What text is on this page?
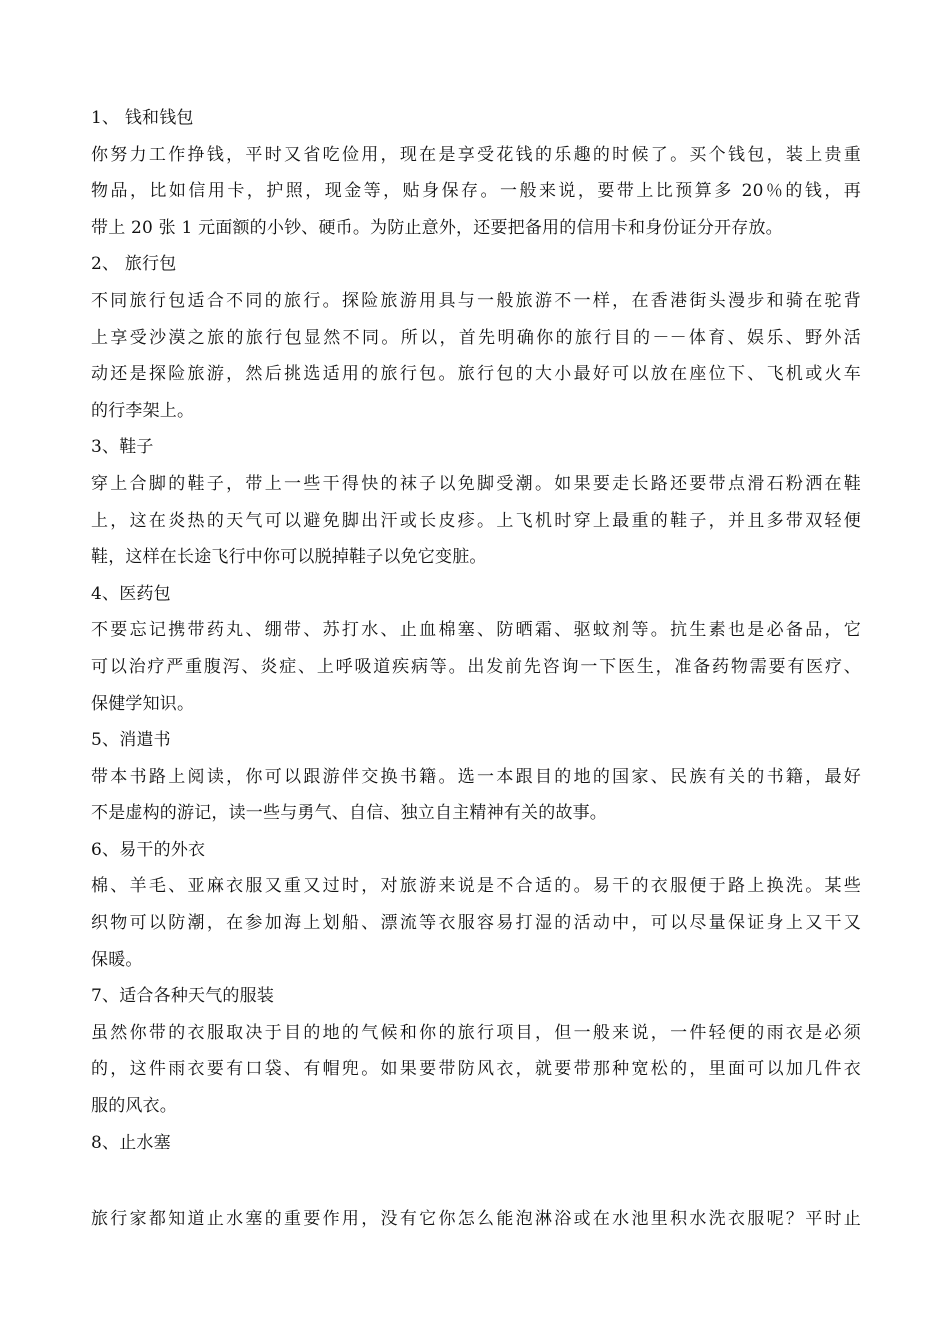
1、 钱和钱包
你努力工作挣钱，平时又省吃俭用，现在是享受花钱的乐趣的时候了。买个钱包，装上贵重
物品，比如信用卡，护照，现金等，贴身保存。一般来说，要带上比预算多 20％的钱，再
带上 20 张 1 元面额的小钞、硬币。为防止意外，还要把备用的信用卡和身份证分开存放。
2、 旅行包
不同旅行包适合不同的旅行。探险旅游用具与一般旅游不一样，在香港街头漫步和骑在驼背
上享受沙漠之旅的旅行包显然不同。所以，首先明确你的旅行目的－－体育、娱乐、野外活
动还是探险旅游，然后挑选适用的旅行包。旅行包的大小最好可以放在座位下、飞机或火车
的行李架上。
3、鞋子
穿上合脚的鞋子，带上一些干得快的袜子以免脚受潮。如果要走长路还要带点滑石粉洒在鞋
上，这在炎热的天气可以避免脚出汗或长皮疹。上飞机时穿上最重的鞋子，并且多带双轻便
鞋，这样在长途飞行中你可以脱掉鞋子以免它变脏。
4、医药包
不要忘记携带药丸、绷带、苏打水、止血棉塞、防晒霜、驱蚊剂等。抗生素也是必备品，它
可以治疗严重腹泻、炎症、上呼吸道疾病等。出发前先咨询一下医生，准备药物需要有医疗、
保健学知识。
5、消遣书
带本书路上阅读，你可以跟游伴交换书籍。选一本跟目的地的国家、民族有关的书籍，最好
不是虚构的游记，读一些与勇气、自信、独立自主精神有关的故事。
6、易干的外衣
棉、羊毛、亚麻衣服又重又过时，对旅游来说是不合适的。易干的衣服便于路上换洗。某些
织物可以防潮，在参加海上划船、漂流等衣服容易打湿的活动中，可以尽量保证身上又干又
保暖。
7、适合各种天气的服装
虽然你带的衣服取决于目的地的气候和你的旅行项目，但一般来说，一件轻便的雨衣是必须
的，这件雨衣要有口袋、有帽兜。如果要带防风衣，就要带那种宽松的，里面可以加几件衣
服的风衣。
8、止水塞
旅行家都知道止水塞的重要作用，没有它你怎么能泡淋浴或在水池里积水洗衣服呢？平时止
